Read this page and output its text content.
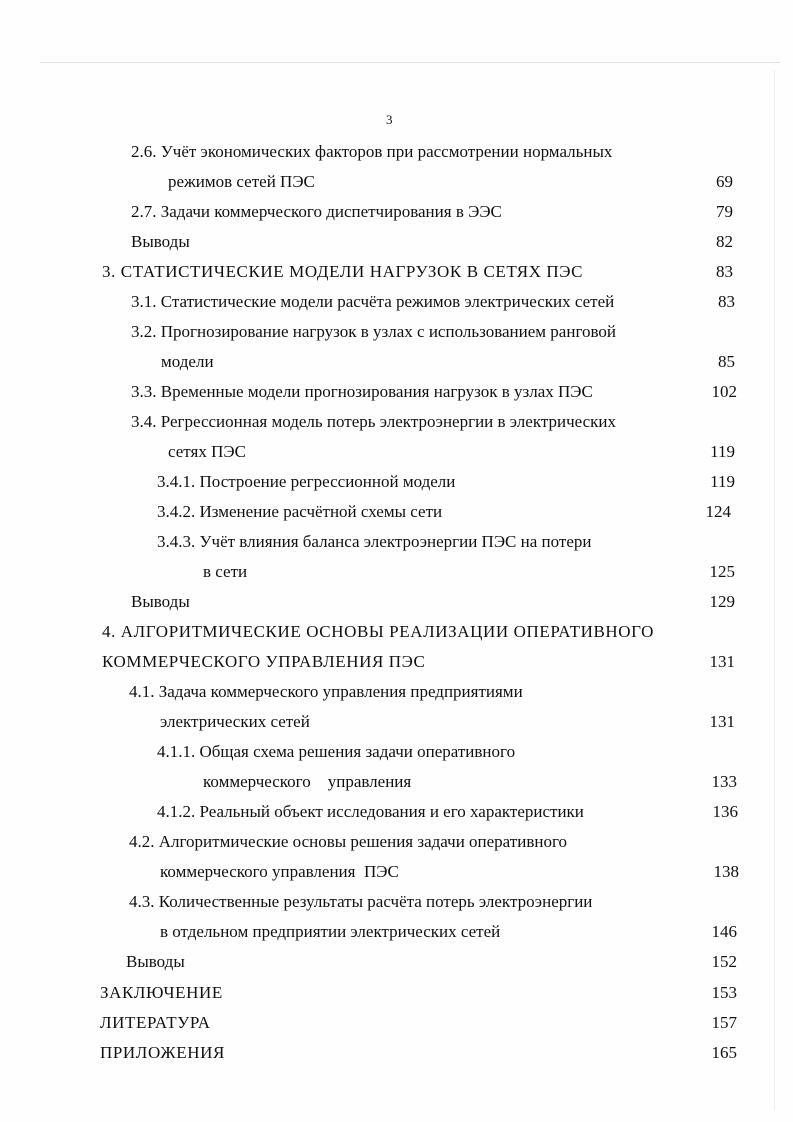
3
2.6. Учёт экономических факторов при рассмотрении нормальных
режимов сетей ПЭС	69
2.7. Задачи коммерческого диспетчирования в ЭЭС	79
Выводы	82
3. СТАТИСТИЧЕСКИЕ МОДЕЛИ НАГРУЗОК В СЕТЯХ ПЭС	83
3.1. Статистические модели расчёта режимов электрических сетей	83
3.2. Прогнозирование нагрузок в узлах с использованием ранговой
модели	85
3.3. Временные модели прогнозирования нагрузок в узлах ПЭС	102
3.4. Регрессионная модель потерь электроэнергии в электрических
сетях ПЭС	119
3.4.1. Построение регрессионной модели	119
3.4.2. Изменение расчётной схемы сети	124
3.4.3. Учёт влияния баланса электроэнергии ПЭС на потери
в сети	125
Выводы	129
4. АЛГОРИТМИЧЕСКИЕ ОСНОВЫ РЕАЛИЗАЦИИ ОПЕРАТИВНОГО
КОММЕРЧЕСКОГО УПРАВЛЕНИЯ ПЭС	131
4.1. Задача коммерческого управления предприятиями
электрических сетей	131
4.1.1. Общая схема решения задачи оперативного
коммерческого    управления	133
4.1.2. Реальный объект исследования и его характеристики	136
4.2. Алгоритмические основы решения задачи оперативного
коммерческого управления  ПЭС	138
4.3. Количественные результаты расчёта потерь электроэнергии
в отдельном предприятии электрических сетей	146
Выводы	152
ЗАКЛЮЧЕНИЕ	153
ЛИТЕРАТУРА	157
ПРИЛОЖЕНИЯ	165
